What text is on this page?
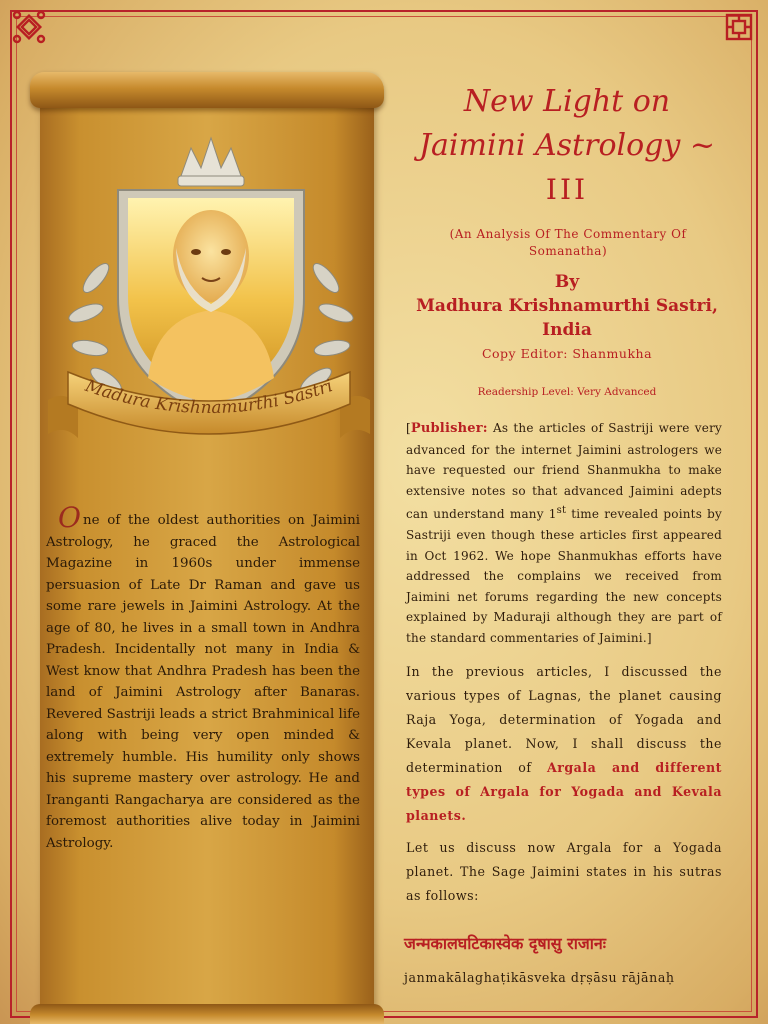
Madura Krishnamurthi Sastri

One of the oldest authorities on Jaimini Astrology, he graced the Astrological Magazine in 1960s under immense persuasion of Late Dr Raman and gave us some rare jewels in Jaimini Astrology. At the age of 80, he lives in a small town in Andhra Pradesh. Incidentally not many in India & West know that Andhra Pradesh has been the land of Jaimini Astrology after Banaras. Revered Sastriji leads a strict Brahminical life along with being very open minded & extremely humble. His humility only shows his supreme mastery over astrology. He and Iranganti Rangacharya are considered as the foremost authorities alive today in Jaimini Astrology.

New Light on
Jaimini Astrology ~
III

(An Analysis Of The Commentary Of Somanatha)

By
Madhura Krishnamurthi Sastri, India

Copy Editor: Shanmukha

Readership Level: Very Advanced

[Publisher: As the articles of Sastriji were very advanced for the internet Jaimini astrologers we have requested our friend Shanmukha to make extensive notes so that advanced Jaimini adepts can understand many 1st time revealed points by Sastriji even though these articles first appeared in Oct 1962. We hope Shanmukhas efforts have addressed the complains we received from Jaimini net forums regarding the new concepts explained by Maduraji although they are part of the standard commentaries of Jaimini.]

In the previous articles, I discussed the various types of Lagnas, the planet causing Raja Yoga, determination of Yogada and Kevala planet. Now, I shall discuss the determination of Argala and different types of Argala for Yogada and Kevala planets.

Let us discuss now Argala for a Yogada planet. The Sage Jaimini states in his sutras as follows:

जन्मकालघटिकास्वेक दृषासु राजानः

janmakālaghaṭikāsveka dṛṣāsu rājānaḥ
